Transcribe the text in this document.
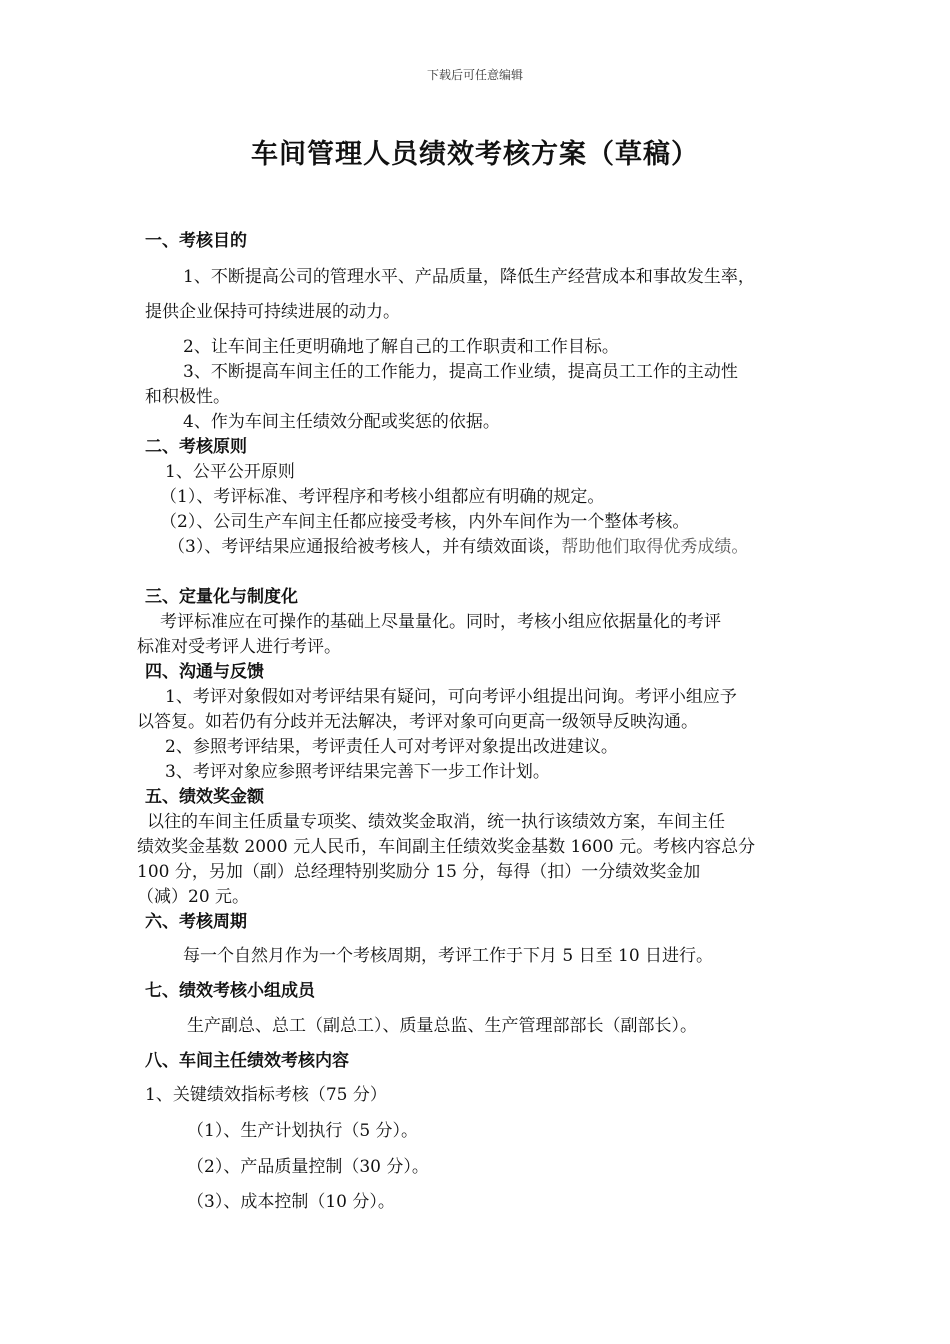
下载后可任意编辑
车间管理人员绩效考核方案（草稿）
一、考核目的
1、不断提高公司的管理水平、产品质量，降低生产经营成本和事故发生率，
提供企业保持可持续进展的动力。
2、让车间主任更明确地了解自己的工作职责和工作目标。
3、不断提高车间主任的工作能力，提高工作业绩，提高员工工作的主动性
和积极性。
4、作为车间主任绩效分配或奖惩的依据。
二、考核原则
1、公平公开原则
（1）、考评标准、考评程序和考核小组都应有明确的规定。
（2）、公司生产车间主任都应接受考核，内外车间作为一个整体考核。
（3）、考评结果应通报给被考核人，并有绩效面谈，帮助他们取得优秀成绩。
三、定量化与制度化
考评标准应在可操作的基础上尽量量化。同时，考核小组应依据量化的考评
标准对受考评人进行考评。
四、沟通与反馈
1、考评对象假如对考评结果有疑问，可向考评小组提出问询。考评小组应予
以答复。如若仍有分歧并无法解决，考评对象可向更高一级领导反映沟通。
2、参照考评结果，考评责任人可对考评对象提出改进建议。
3、考评对象应参照考评结果完善下一步工作计划。
五、绩效奖金额
以往的车间主任质量专项奖、绩效奖金取消，统一执行该绩效方案，车间主任
绩效奖金基数 2000 元人民币，车间副主任绩效奖金基数 1600 元。考核内容总分
100 分，另加（副）总经理特别奖励分 15 分，每得（扣）一分绩效奖金加
（减）20 元。
六、考核周期
每一个自然月作为一个考核周期，考评工作于下月 5 日至 10 日进行。
七、绩效考核小组成员
生产副总、总工（副总工）、质量总监、生产管理部部长（副部长）。
八、车间主任绩效考核内容
1、关键绩效指标考核（75 分）
（1）、生产计划执行（5 分）。
（2）、产品质量控制（30 分）。
（3）、成本控制（10 分）。
